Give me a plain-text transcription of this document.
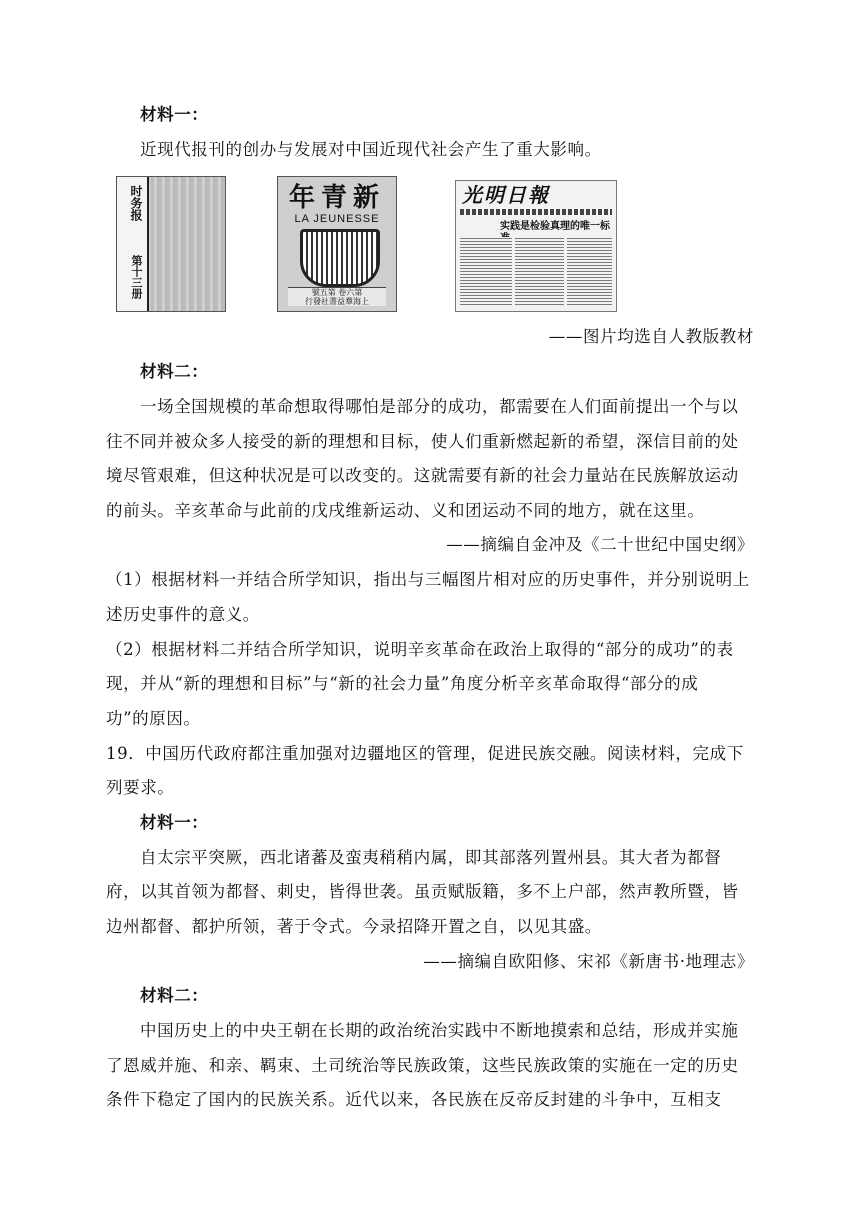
材料一：
近现代报刊的创办与发展对中国近现代社会产生了重大影响。
时务报
第十三册
新青年
LA JEUNESSE
號五第 卷六第
行發社書益羣海上
光明日報
实践是检验真理的唯一标
——图片均选自人教版教材
材料二：
一场全国规模的革命想取得哪怕是部分的成功，都需要在人们面前提出一个与以
往不同并被众多人接受的新的理想和目标，使人们重新燃起新的希望，深信目前的处
境尽管艰难，但这种状况是可以改变的。这就需要有新的社会力量站在民族解放运动
的前头。辛亥革命与此前的戊戌维新运动、义和团运动不同的地方，就在这里。
——摘编自金冲及《二十世纪中国史纲》
（1）根据材料一并结合所学知识，指出与三幅图片相对应的历史事件，并分别说明上
述历史事件的意义。
（2）根据材料二并结合所学知识，说明辛亥革命在政治上取得的“部分的成功”的表
现，并从“新的理想和目标”与“新的社会力量”角度分析辛亥革命取得“部分的成
功”的原因。
19．中国历代政府都注重加强对边疆地区的管理，促进民族交融。阅读材料，完成下
列要求。
材料一：
自太宗平突厥，西北诸蕃及蛮夷稍稍内属，即其部落列置州县。其大者为都督
府，以其首领为都督、刺史，皆得世袭。虽贡赋版籍，多不上户部，然声教所暨，皆
边州都督、都护所领，著于令式。今录招降开置之自，以见其盛。
——摘编自欧阳修、宋祁《新唐书·地理志》
材料二：
中国历史上的中央王朝在长期的政治统治实践中不断地摸索和总结，形成并实施
了恩威并施、和亲、羁束、土司统治等民族政策，这些民族政策的实施在一定的历史
条件下稳定了国内的民族关系。近代以来，各民族在反帝反封建的斗争中，互相支
